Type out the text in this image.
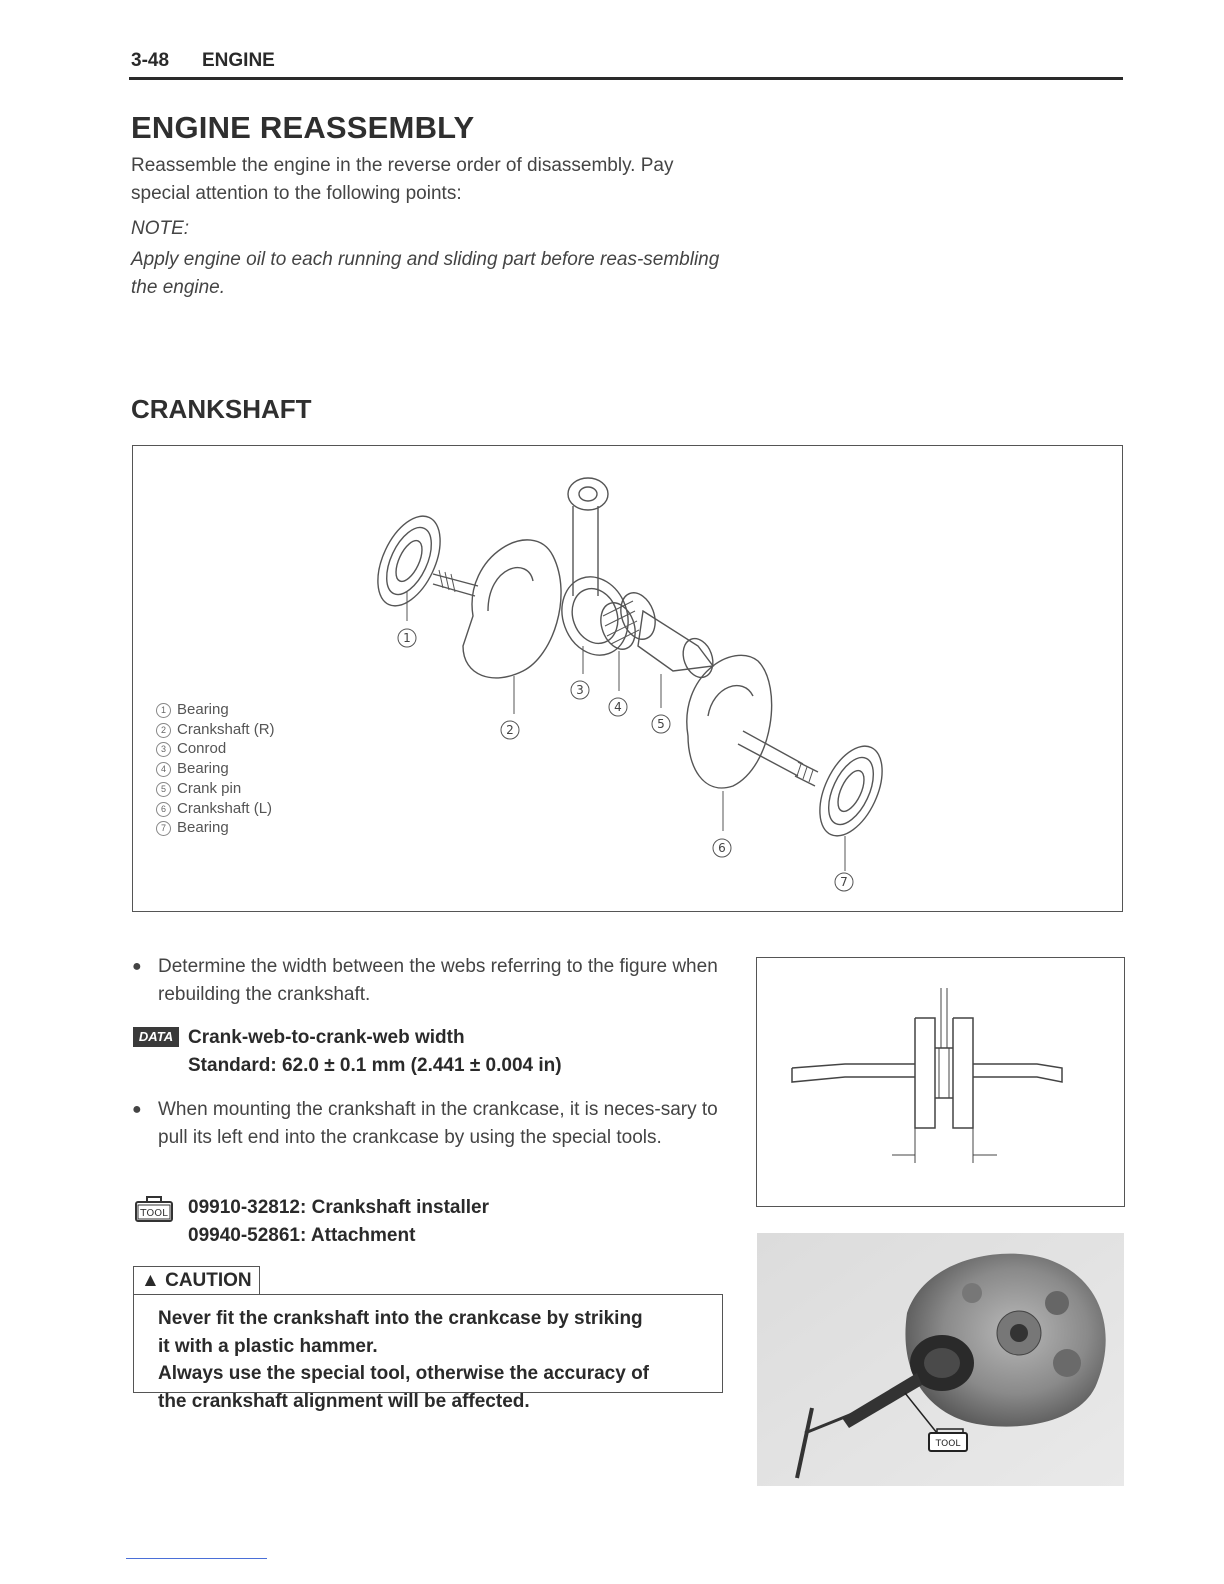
3-48 ENGINE
ENGINE REASSEMBLY
Reassemble the engine in the reverse order of disassembly. Pay special attention to the following points:
NOTE:
Apply engine oil to each running and sliding part before reas-sembling the engine.
CRANKSHAFT
1
2
3
4
5
6
7
1 Bearing
2 Crankshaft (R)
3 Conrod
4 Bearing
5 Crank pin
6 Crankshaft (L)
7 Bearing
● Determine the width between the webs referring to the figure when rebuilding the crankshaft.
DATA Crank-web-to-crank-web width
Standard: 62.0 ± 0.1 mm (2.441 ± 0.004 in)
● When mounting the crankshaft in the crankcase, it is neces-sary to pull its left end into the crankcase by using the special tools.
TOOL 09910-32812: Crankshaft installer
09940-52861: Attachment
▲ CAUTION
Never fit the crankshaft into the crankcase by striking
it with a plastic hammer.
Always use the special tool, otherwise the accuracy of
the crankshaft alignment will be affected.
TOOL
